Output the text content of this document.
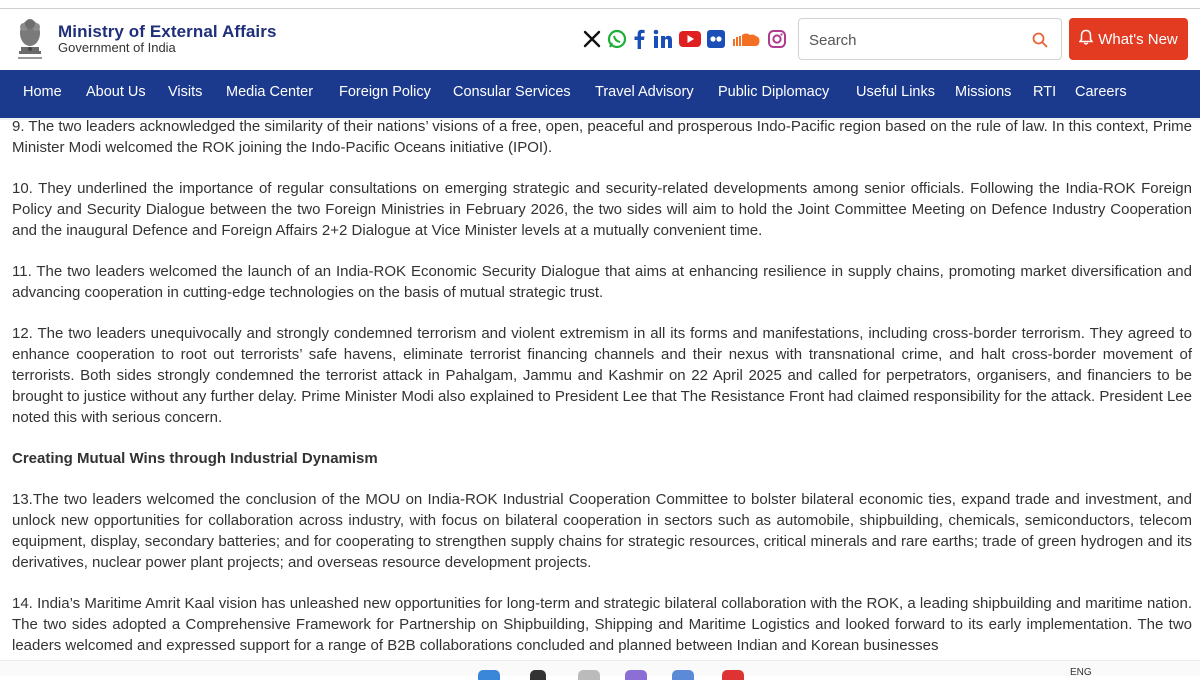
Ministry of External Affairs
Government of India
Search	What's New
Home About Us Visits Media Center Foreign Policy Consular Services Travel Advisory Public Diplomacy Useful Links Missions RTI Careers

9. The two leaders acknowledged the similarity of their nations’ visions of a free, open, peaceful and prosperous Indo-Pacific region based on the rule of law. In this context, Prime Minister Modi welcomed the ROK joining the Indo-Pacific Oceans initiative (IPOI).

10. They underlined the importance of regular consultations on emerging strategic and security-related developments among senior officials. Following the India-ROK Foreign Policy and Security Dialogue between the two Foreign Ministries in February 2026, the two sides will aim to hold the Joint Committee Meeting on Defence Industry Cooperation and the inaugural Defence and Foreign Affairs 2+2 Dialogue at Vice Minister levels at a mutually convenient time.

11. The two leaders welcomed the launch of an India-ROK Economic Security Dialogue that aims at enhancing resilience in supply chains, promoting market diversification and advancing cooperation in cutting-edge technologies on the basis of mutual strategic trust.

12. The two leaders unequivocally and strongly condemned terrorism and violent extremism in all its forms and manifestations, including cross-border terrorism. They agreed to enhance cooperation to root out terrorists’ safe havens, eliminate terrorist financing channels and their nexus with transnational crime, and halt cross-border movement of terrorists. Both sides strongly condemned the terrorist attack in Pahalgam, Jammu and Kashmir on 22 April 2025 and called for perpetrators, organisers, and financiers to be brought to justice without any further delay. Prime Minister Modi also explained to President Lee that The Resistance Front had claimed responsibility for the attack. President Lee noted this with serious concern.

Creating Mutual Wins through Industrial Dynamism

13.The two leaders welcomed the conclusion of the MOU on India-ROK Industrial Cooperation Committee to bolster bilateral economic ties, expand trade and investment, and unlock new opportunities for collaboration across industry, with focus on bilateral cooperation in sectors such as automobile, shipbuilding, chemicals, semiconductors, telecom equipment, display, secondary batteries; and for cooperating to strengthen supply chains for strategic resources, critical minerals and rare earths; trade of green hydrogen and its derivatives, nuclear power plant projects; and overseas resource development projects.

14. India’s Maritime Amrit Kaal vision has unleashed new opportunities for long-term and strategic bilateral collaboration with the ROK, a leading shipbuilding and maritime nation. The two sides adopted a Comprehensive Framework for Partnership on Shipbuilding, Shipping and Maritime Logistics and looked forward to its early implementation. The two leaders welcomed and expressed support for a range of B2B collaborations concluded and planned between Indian and Korean businesses

ENG
